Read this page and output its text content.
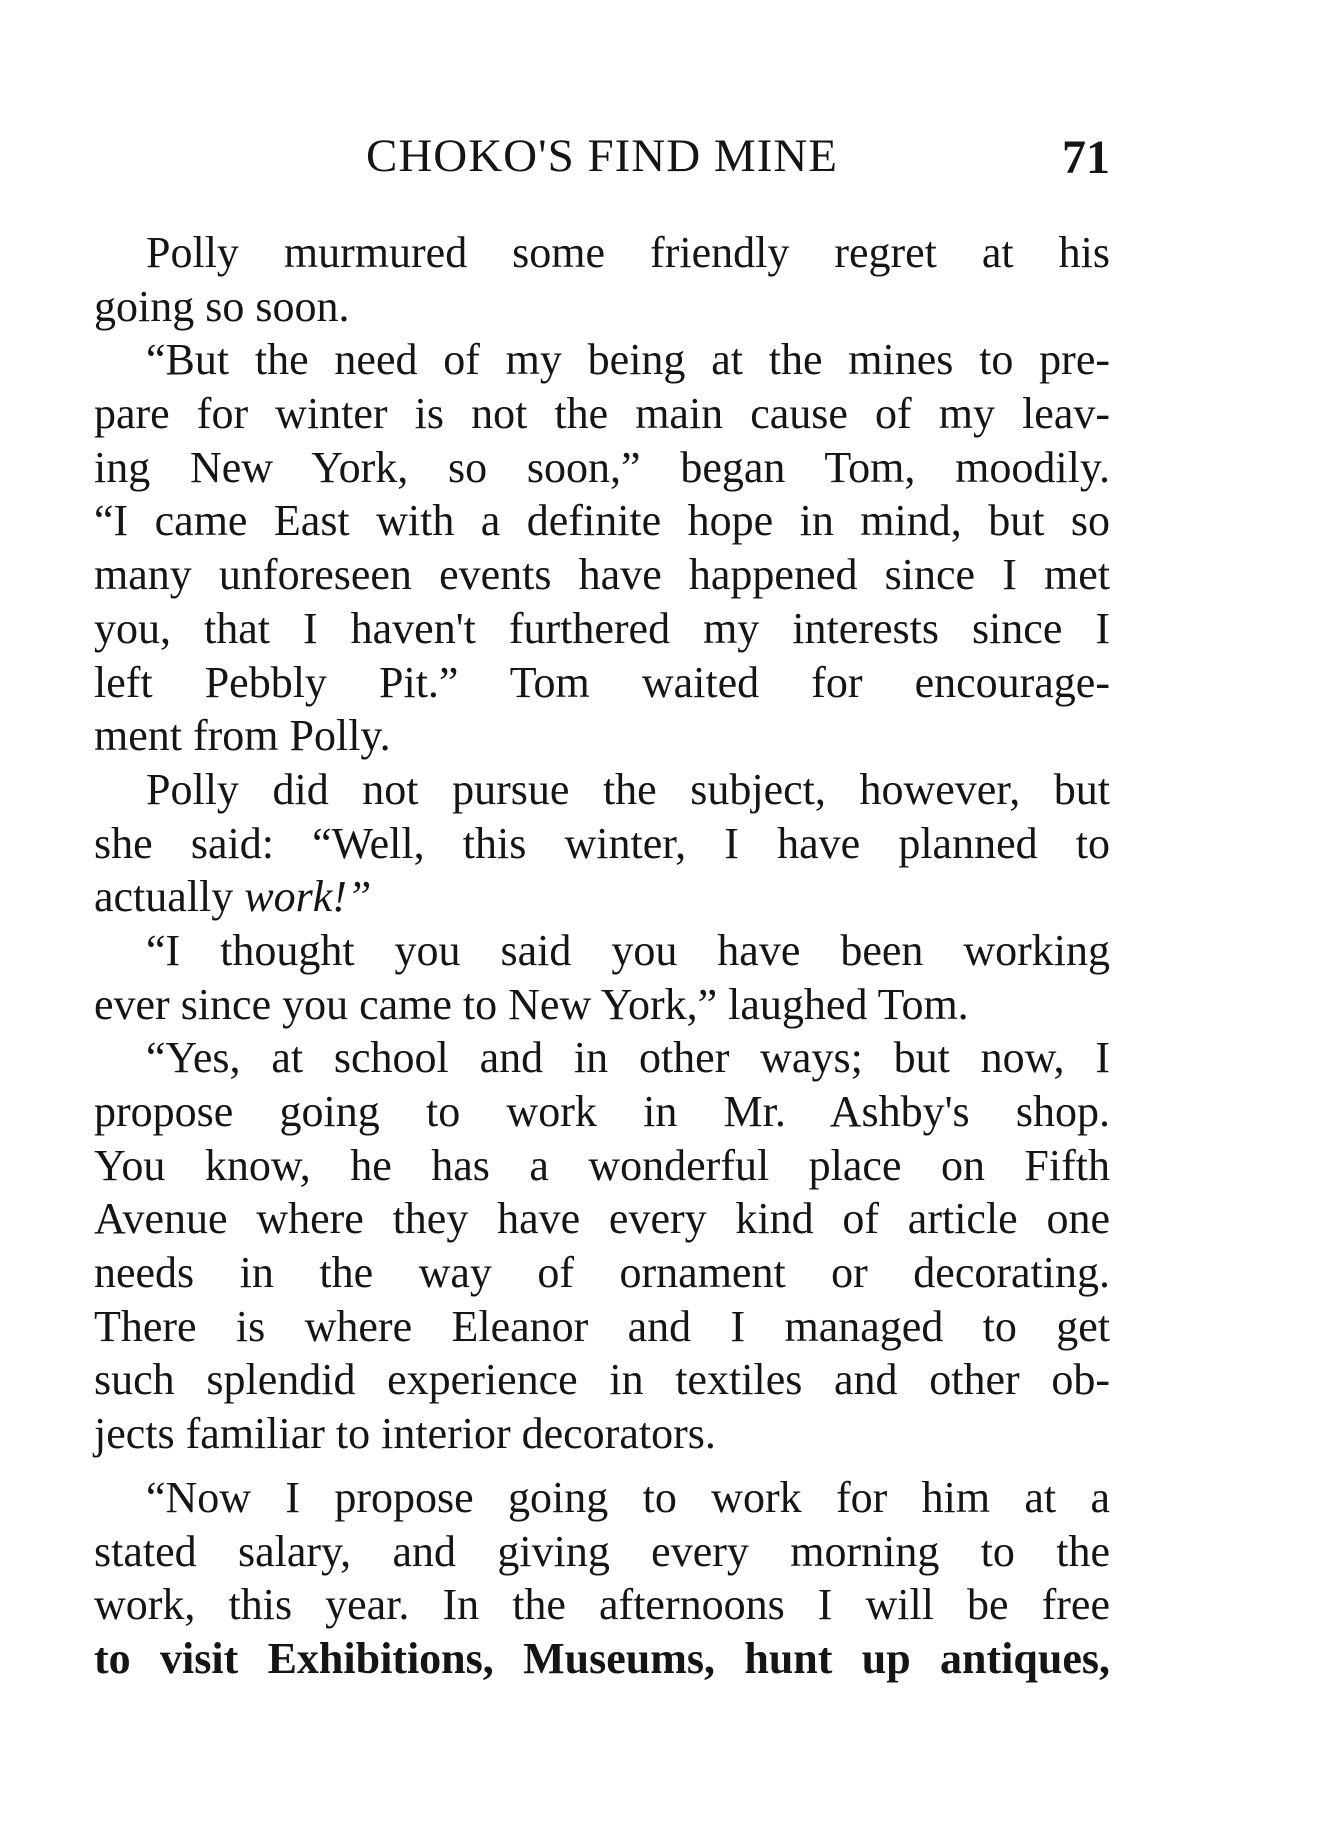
CHOKO'S FIND MINE	71
Polly murmured some friendly regret at his
going so soon.
“But the need of my being at the mines to pre-
pare for winter is not the main cause of my leav-
ing New York, so soon,” began Tom, moodily.
“I came East with a definite hope in mind, but so
many unforeseen events have happened since I met
you, that I haven't furthered my interests since I
left Pebbly Pit.” Tom waited for encourage-
ment from Polly.
Polly did not pursue the subject, however, but
she said: “Well, this winter, I have planned to
actually work!”
“I thought you said you have been working
ever since you came to New York,” laughed Tom.
“Yes, at school and in other ways; but now, I
propose going to work in Mr. Ashby's shop.
You know, he has a wonderful place on Fifth
Avenue where they have every kind of article one
needs in the way of ornament or decorating.
There is where Eleanor and I managed to get
such splendid experience in textiles and other ob-
jects familiar to interior decorators.
“Now I propose going to work for him at a
stated salary, and giving every morning to the
work, this year. In the afternoons I will be free
to visit Exhibitions, Museums, hunt up antiques,
